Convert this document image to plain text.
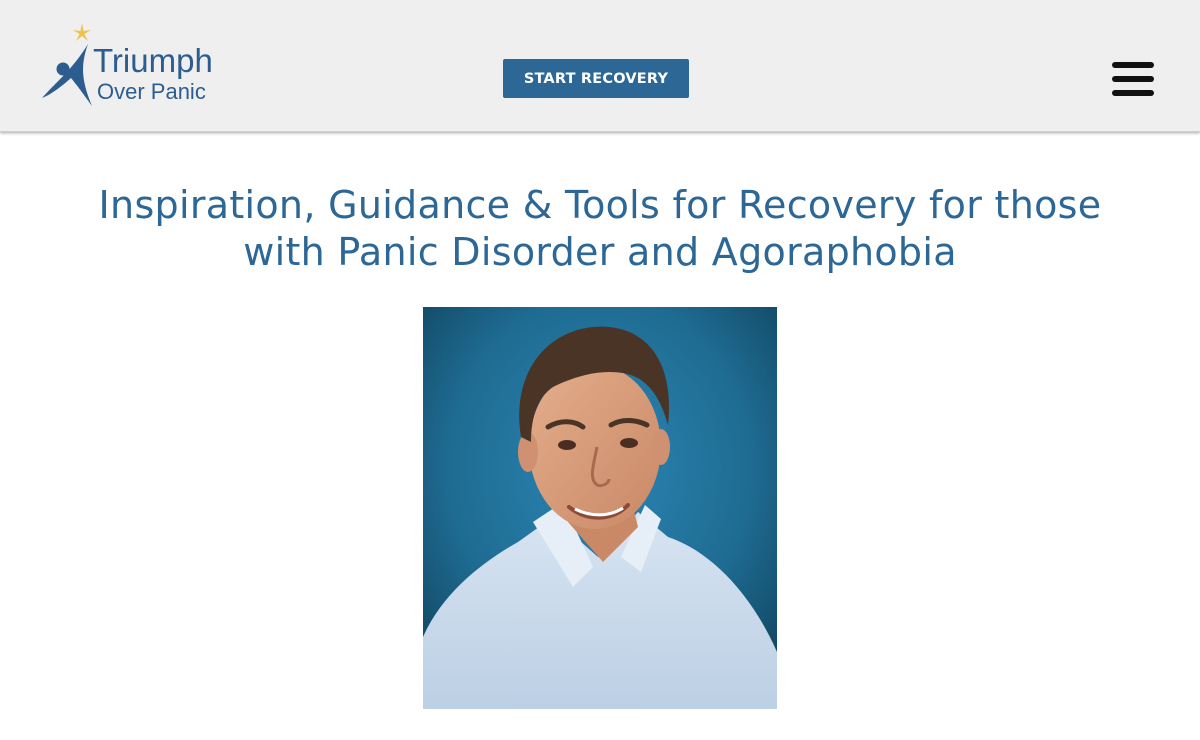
Triumph
Over Panic
START RECOVERY
Inspiration, Guidance & Tools for Recovery for those
with Panic Disorder and Agoraphobia
